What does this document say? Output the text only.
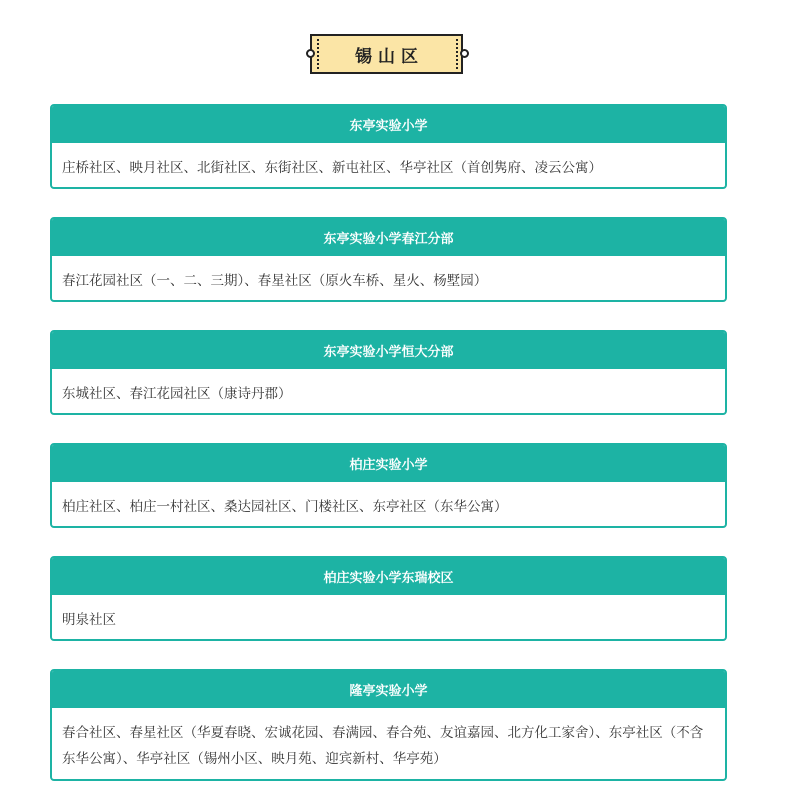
锡山区
东亭实验小学
庄桥社区、映月社区、北街社区、东街社区、新屯社区、华亭社区（首创隽府、凌云公寓）
东亭实验小学春江分部
春江花园社区（一、二、三期）、春星社区（原火车桥、星火、杨墅园）
东亭实验小学恒大分部
东城社区、春江花园社区（康诗丹郡）
柏庄实验小学
柏庄社区、柏庄一村社区、桑达园社区、门楼社区、东亭社区（东华公寓）
柏庄实验小学东瑞校区
明泉社区
隆亭实验小学
春合社区、春星社区（华夏春晓、宏诚花园、春满园、春合苑、友谊嘉园、北方化工家舍）、东亭社区（不含东华公寓）、华亭社区（锡州小区、映月苑、迎宾新村、华亭苑）
